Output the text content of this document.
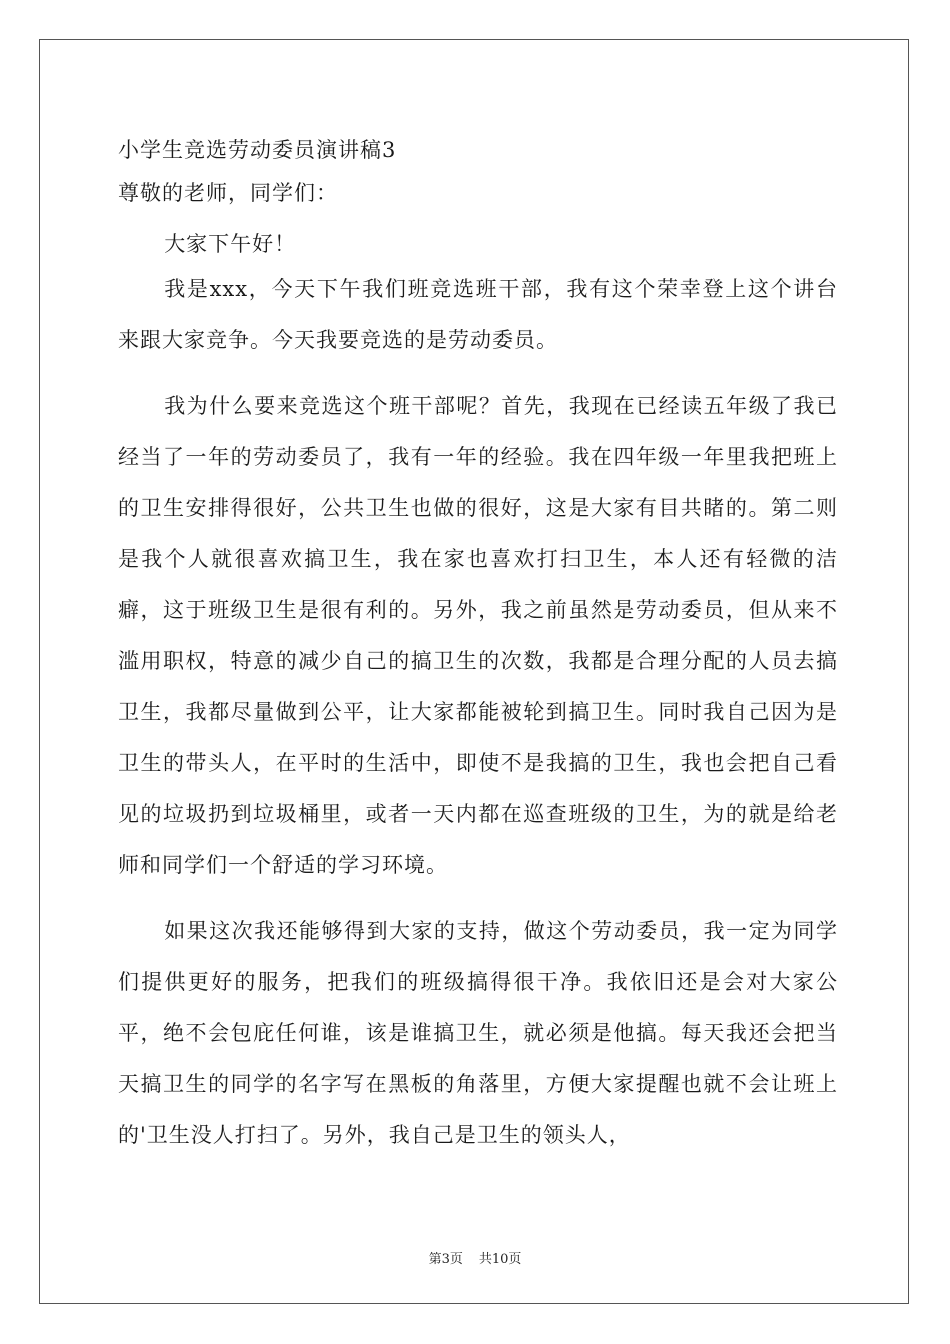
小学生竞选劳动委员演讲稿3

尊敬的老师，同学们：

大家下午好！

我是xxx，今天下午我们班竞选班干部，我有这个荣幸登上这个讲台来跟大家竞争。今天我要竞选的是劳动委员。

我为什么要来竞选这个班干部呢？首先，我现在已经读五年级了我已经当了一年的劳动委员了，我有一年的经验。我在四年级一年里我把班上的卫生安排得很好，公共卫生也做的很好，这是大家有目共睹的。第二则是我个人就很喜欢搞卫生，我在家也喜欢打扫卫生，本人还有轻微的洁癖，这于班级卫生是很有利的。另外，我之前虽然是劳动委员，但从来不滥用职权，特意的减少自己的搞卫生的次数，我都是合理分配的人员去搞卫生，我都尽量做到公平，让大家都能被轮到搞卫生。同时我自己因为是卫生的带头人，在平时的生活中，即使不是我搞的卫生，我也会把自己看见的垃圾扔到垃圾桶里，或者一天内都在巡查班级的卫生，为的就是给老师和同学们一个舒适的学习环境。

如果这次我还能够得到大家的支持，做这个劳动委员，我一定为同学们提供更好的服务，把我们的班级搞得很干净。我依旧还是会对大家公平，绝不会包庇任何谁，该是谁搞卫生，就必须是他搞。每天我还会把当天搞卫生的同学的名字写在黑板的角落里，方便大家提醒也就不会让班上的'卫生没人打扫了。另外，我自己是卫生的领头人，

第3页 共10页
